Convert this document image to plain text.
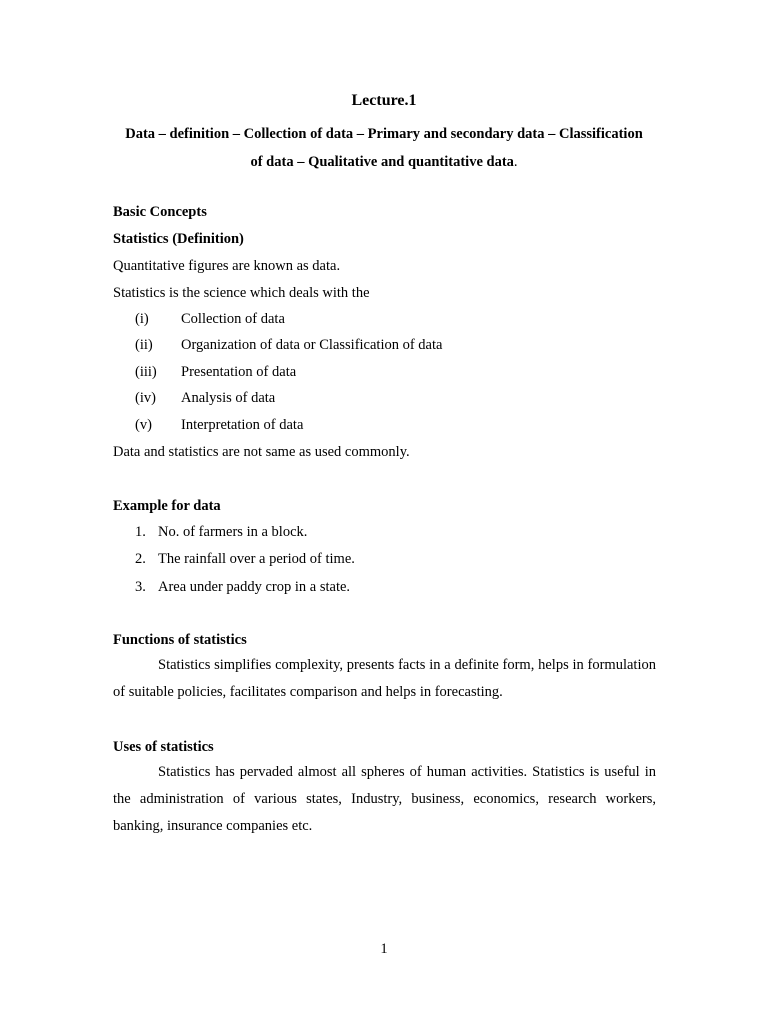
Lecture.1
Data – definition – Collection of data – Primary and secondary data – Classification
of data – Qualitative and quantitative data.
Basic Concepts
Statistics (Definition)
Quantitative figures are known as data.
Statistics is the science which deals with the
(i) Collection of data
(ii) Organization of data or Classification of data
(iii) Presentation of data
(iv) Analysis of data
(v) Interpretation of data
Data and statistics are not same as used commonly.
Example for data
1. No. of farmers in a block.
2. The rainfall over a period of time.
3. Area under paddy crop in a state.
Functions of statistics
Statistics simplifies complexity, presents facts in a definite form, helps in formulation of suitable policies, facilitates comparison and helps in forecasting.
Uses of statistics
Statistics has pervaded almost all spheres of human activities. Statistics is useful in the administration of various states, Industry, business, economics, research workers, banking, insurance companies etc.
1
